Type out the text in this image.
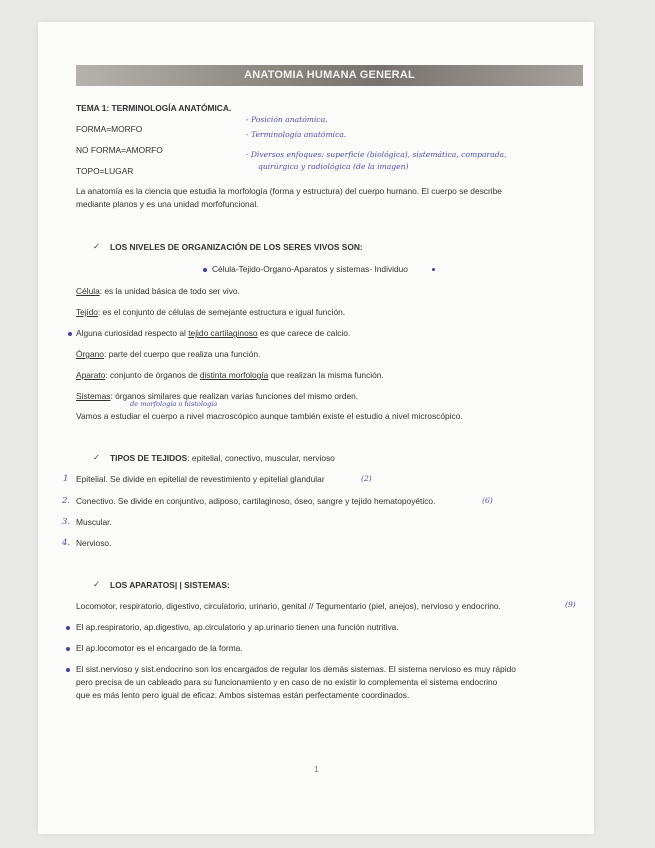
ANATOMIA HUMANA GENERAL
TEMA 1: TERMINOLOGÍA ANATÓMICA.
FORMA=MORFO
NO FORMA=AMORFO
TOPO=LUGAR
- Posición anatómica.
- Terminología anatómica.
· Diversos enfoques: superficie (biológica), sistemática, comparada,
quirúrgica y radiológica (de la imagen)
La anatomía es la ciencia que estudia la morfología (forma y estructura) del cuerpo humano. El cuerpo se describe
mediante planos y es una unidad morfofuncional.
✓ LOS NIVELES DE ORGANIZACIÓN DE LOS SERES VIVOS SON:
Célula-Tejido-Organo-Aparatos y sistemas- Individuo
Célula: es la unidad básica de todo ser vivo.
Tejido: es el conjunto de células de semejante estructura e igual función.
Alguna curiosidad respecto al tejido cartilaginoso es que carece de calcio.
Órgano: parte del cuerpo que realiza una función.
Aparato: conjunto de órganos de distinta morfología que realizan la misma función.
Sistemas: órganos similares que realizan varias funciones del mismo orden.
de morfología o histología
Vamos a estudiar el cuerpo a nivel macroscópico aunque también existe el estudio a nivel microscópico.
✓ TIPOS DE TEJIDOS: epitelial, conectivo, muscular, nervioso
1 Epitelial. Se divide en epitelial de revestimiento y epitelial glandular	(2)
2. Conectivo. Se divide en conjuntivo, adiposo, cartilaginoso, óseo, sangre y tejido hematopoyético.	(6)
3. Muscular.
4. Nervioso.
✓ LOS APARATOS| | SISTEMAS:
Locomotor, respiratorio, digestivo, circulatorio, urinario, genital // Tegumentario (piel, anejos), nervioso y endocrino.	(9)
El ap.respiratorio, ap.digestivo, ap.circulatorio y ap.urinario tienen una función nutritiva.
El ap.locomotor es el encargado de la forma.
El sist.nervioso y sist.endocrino son los encargados de regular los demás sistemas. El sistema nervioso es muy rápido
pero precisa de un cableado para su funcionamiento y en caso de no existir lo complementa el sistema endocrino
que es más lento pero igual de eficaz. Ambos sistemas están perfectamente coordinados.
1
